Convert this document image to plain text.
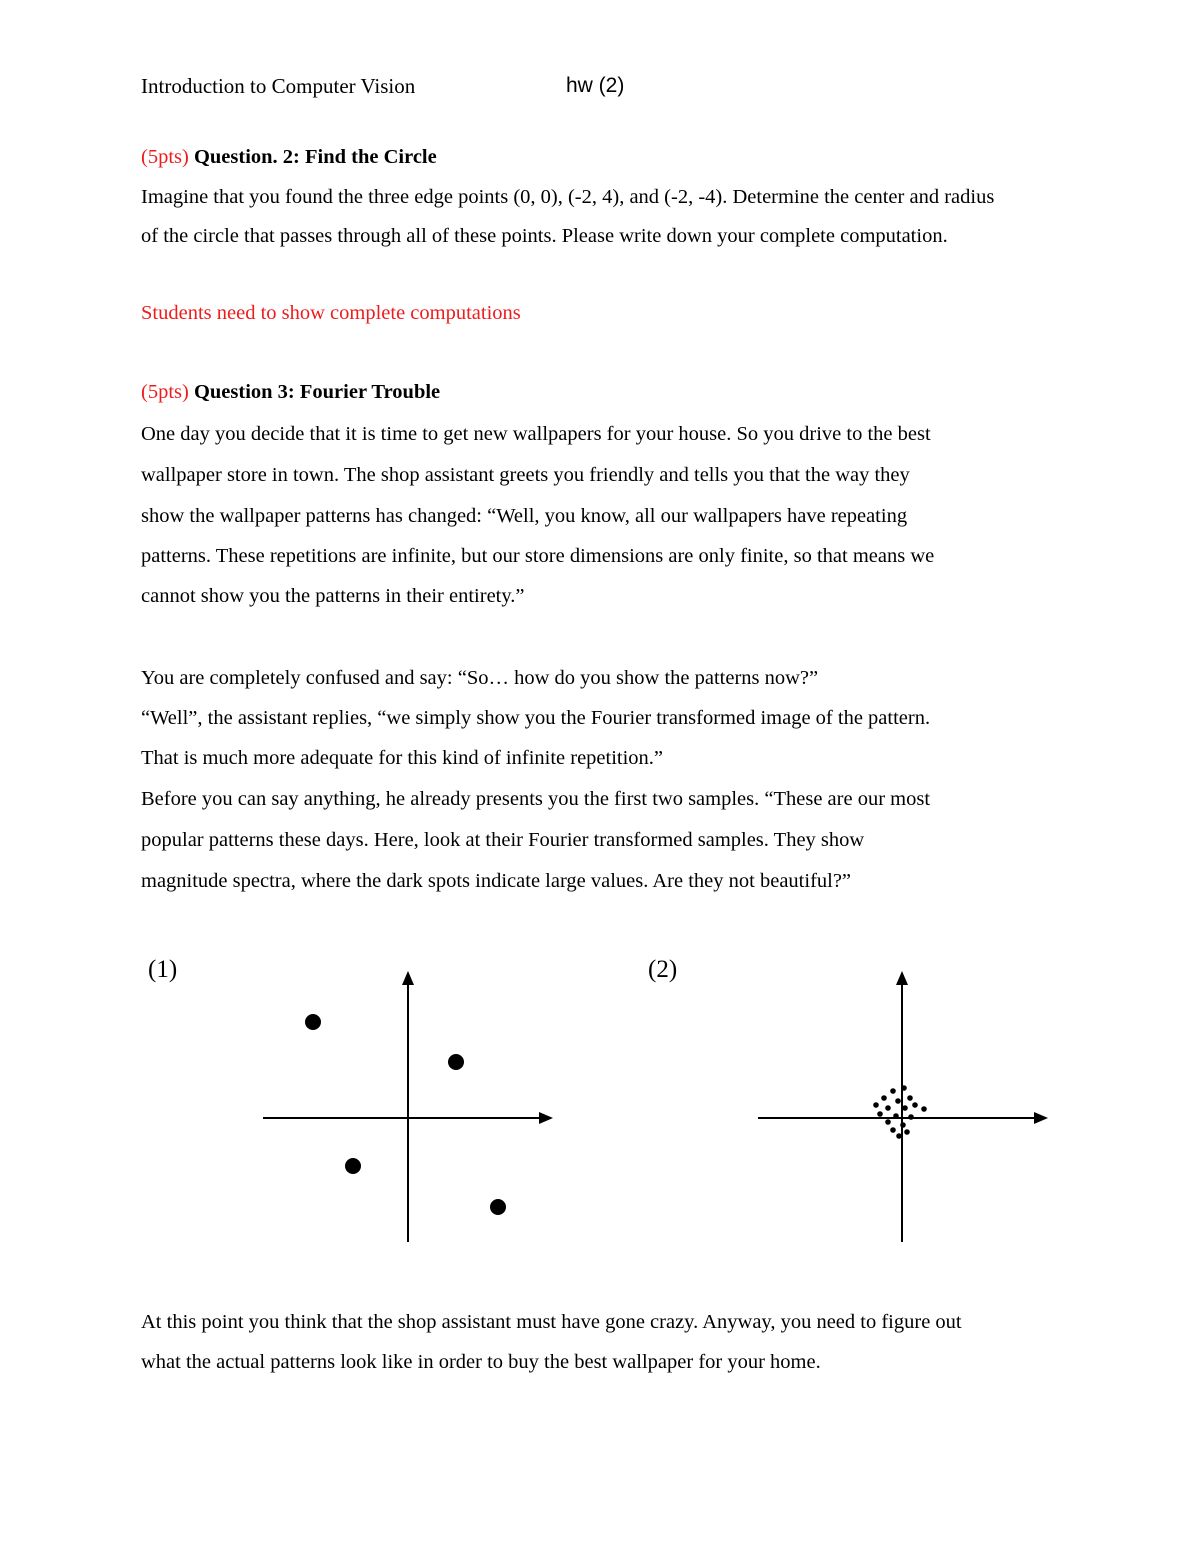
Introduction to Computer Vision	hw (2)
(5pts) Question. 2: Find the Circle
Imagine that you found the three edge points (0, 0), (-2, 4), and (-2, -4). Determine the center and radius
of the circle that passes through all of these points. Please write down your complete computation.
Students need to show complete computations
(5pts) Question 3: Fourier Trouble
One day you decide that it is time to get new wallpapers for your house. So you drive to the best
wallpaper store in town. The shop assistant greets you friendly and tells you that the way they
show the wallpaper patterns has changed: “Well, you know, all our wallpapers have repeating
patterns. These repetitions are infinite, but our store dimensions are only finite, so that means we
cannot show you the patterns in their entirety.”
You are completely confused and say: “So… how do you show the patterns now?”
“Well”, the assistant replies, “we simply show you the Fourier transformed image of the pattern.
That is much more adequate for this kind of infinite repetition.”
Before you can say anything, he already presents you the first two samples. “These are our most
popular patterns these days. Here, look at their Fourier transformed samples. They show
magnitude spectra, where the dark spots indicate large values. Are they not beautiful?”
(1)	(2)
At this point you think that the shop assistant must have gone crazy. Anyway, you need to figure out
what the actual patterns look like in order to buy the best wallpaper for your home.
